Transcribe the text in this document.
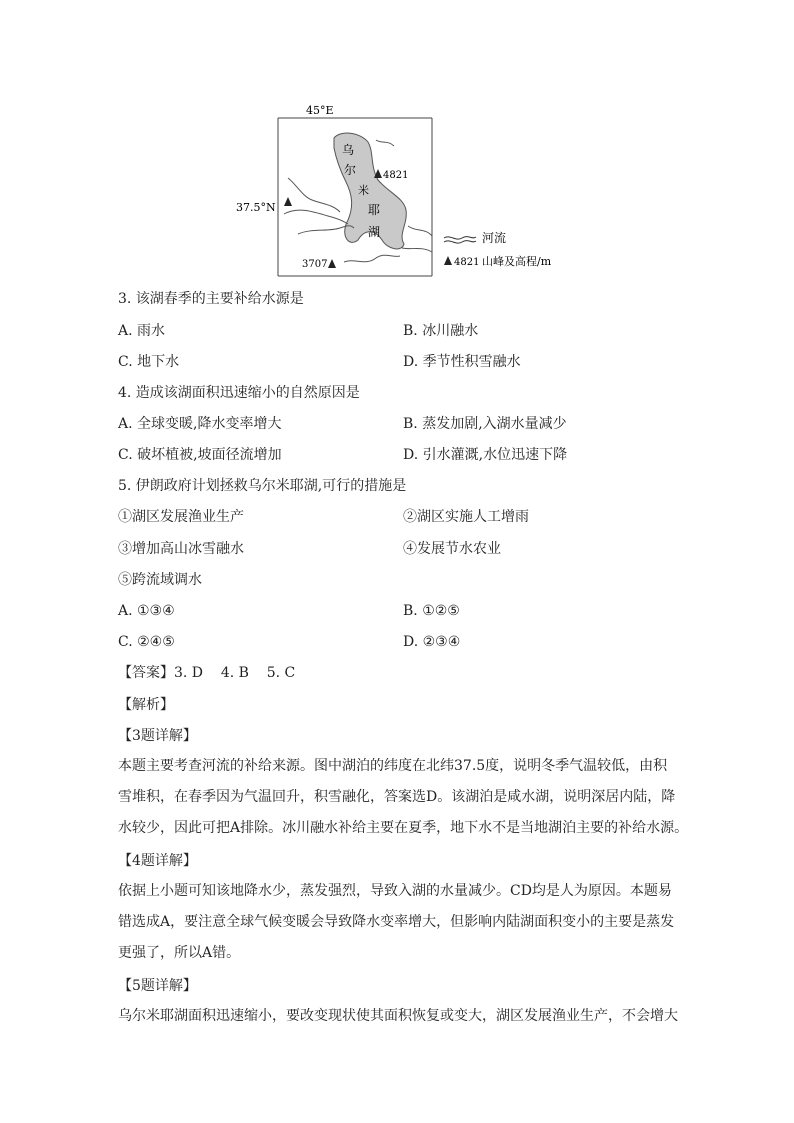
45°E
37.5°N
乌
尔
米
耶
湖
4821
3707
河流
4821 山峰及高程/m
3. 该湖春季的主要补给水源是
A. 雨水	B. 冰川融水
C. 地下水	D. 季节性积雪融水
4. 造成该湖面积迅速缩小的自然原因是
A. 全球变暖,降水变率增大	B. 蒸发加剧,入湖水量减少
C. 破坏植被,坡面径流增加	D. 引水灌溉,水位迅速下降
5. 伊朗政府计划拯救乌尔米耶湖,可行的措施是
①湖区发展渔业生产	②湖区实施人工增雨
③增加高山冰雪融水	④发展节水农业
⑤跨流域调水
A. ①③④	B. ①②⑤
C. ②④⑤	D. ②③④
【答案】3. D    4. B    5. C
【解析】
【3题详解】
本题主要考查河流的补给来源。图中湖泊的纬度在北纬37.5度，说明冬季气温较低，由积
雪堆积，在春季因为气温回升，积雪融化，答案选D。该湖泊是咸水湖，说明深居内陆，降
水较少，因此可把A排除。冰川融水补给主要在夏季，地下水不是当地湖泊主要的补给水源。
【4题详解】
依据上小题可知该地降水少，蒸发强烈，导致入湖的水量减少。CD均是人为原因。本题易
错选成A，要注意全球气候变暖会导致降水变率增大，但影响内陆湖面积变小的主要是蒸发
更强了，所以A错。
【5题详解】
乌尔米耶湖面积迅速缩小，要改变现状使其面积恢复或变大，湖区发展渔业生产，不会增大
